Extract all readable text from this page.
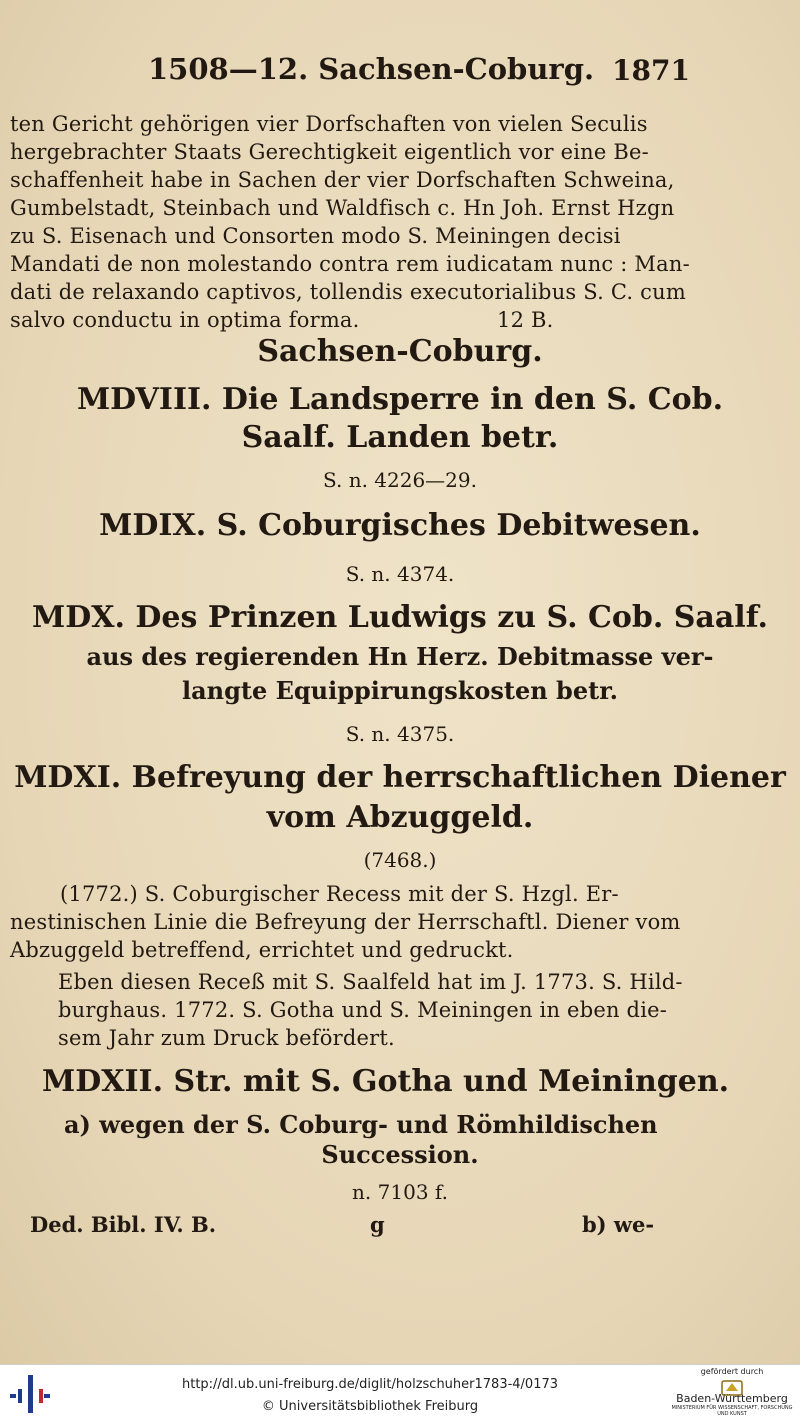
1508—12. Sachsen-Coburg. 1871
ten Gericht gehörigen vier Dorfschaften von vielen Seculis
hergebrachter Staats Gerechtigkeit eigentlich vor eine Be-
schaffenheit habe in Sachen der vier Dorfschaften Schweina,
Gumbelstadt, Steinbach und Waldfisch c. Hn Joh. Ernst Hzgn
zu S. Eisenach und Consorten modo S. Meiningen decisi
Mandati de non molestando contra rem iudicatam nunc : Man-
dati de relaxando captivos, tollendis executorialibus S. C. cum
salvo conductu in optima forma.                    12 B.
Sachsen-Coburg.
MDVIII. Die Landsperre in den S. Cob.
Saalf. Landen betr.
S. n. 4226—29.
MDIX. S. Coburgisches Debitwesen.
S. n. 4374.
MDX. Des Prinzen Ludwigs zu S. Cob. Saalf.
aus des regierenden Hn Herz. Debitmasse ver-
langte Equippirungskosten betr.
S. n. 4375.
MDXI. Befreyung der herrschaftlichen Diener
vom Abzuggeld.
(7468.)
(1772.) S. Coburgischer Recess mit der S. Hzgl. Er-
nestinischen Linie die Befreyung der Herrschaftl. Diener vom
Abzuggeld betreffend, errichtet und gedruckt.
Eben diesen Receß mit S. Saalfeld hat im J. 1773. S. Hild-
burghaus. 1772. S. Gotha und S. Meiningen in eben die-
sem Jahr zum Druck befördert.
MDXII. Str. mit S. Gotha und Meiningen.
a) wegen der S. Coburg- und Römhildischen
Succession.
n. 7103 f.
Ded. Bibl. IV. B.	g	b) we-
http://dl.ub.uni-freiburg.de/diglit/holzschuher1783-4/0173
© Universitätsbibliothek Freiburg
gefördert durch
Baden-Württemberg
MINISTERIUM FÜR WISSENSCHAFT, FORSCHUNG UND KUNST
